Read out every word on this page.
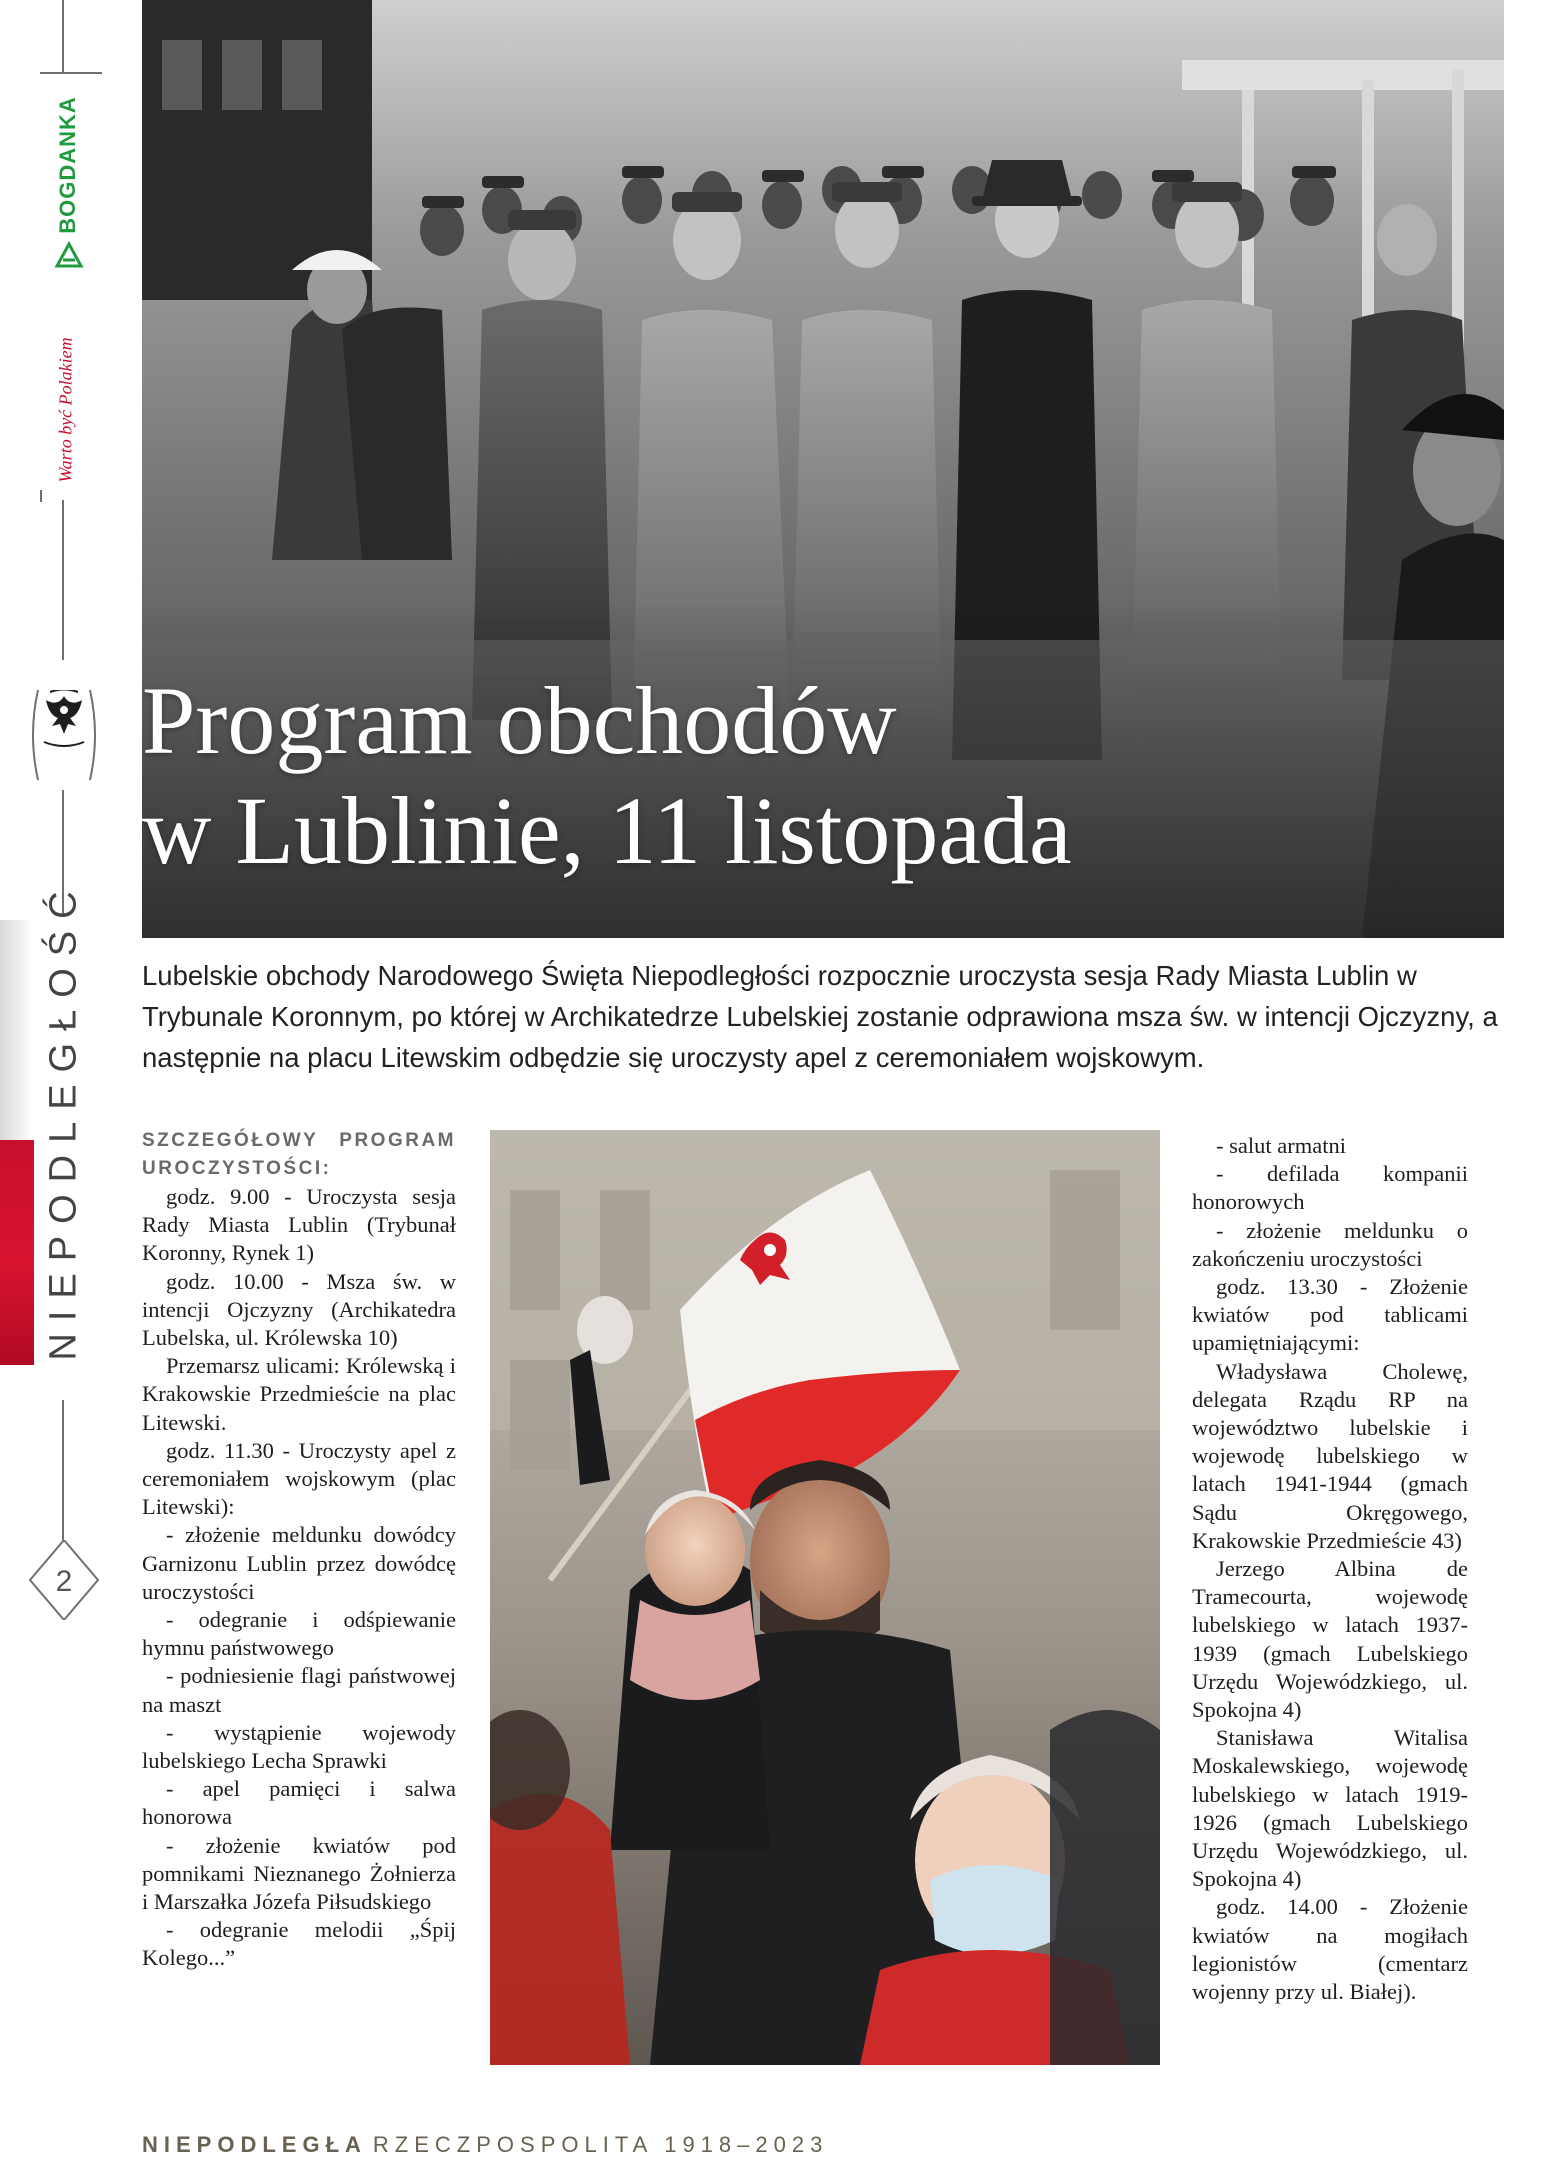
BOGDANKA
Warto być Polakiem
NIEPODLEGŁOŚĆ
2
Program obchodów
w Lublinie, 11 listopada

Lubelskie obchody Narodowego Święta Niepodległości rozpocznie uroczysta sesja Rady Miasta Lublin w Trybunale Koronnym, po której w Archikatedrze Lubelskiej zostanie odprawiona msza św. w intencji Ojczyzny, a następnie na placu Litewskim odbędzie się uroczysty apel z ceremoniałem wojskowym.

SZCZEGÓŁOWY PROGRAM UROCZYSTOŚCI:

godz. 9.00 - Uroczysta sesja Rady Miasta Lublin (Trybunał Koronny, Rynek 1)

godz. 10.00 - Msza św. w intencji Ojczyzny (Archikatedra Lubelska, ul. Królewska 10)

Przemarsz ulicami: Królewską i Krakowskie Przedmieście na plac Litewski.

godz. 11.30 - Uroczysty apel z ceremoniałem wojskowym (plac Litewski):

- złożenie meldunku dowódcy Garnizonu Lublin przez dowódcę uroczystości

- odegranie i odśpiewanie hymnu państwowego

- podniesienie flagi państwowej na maszt

- wystąpienie wojewody lubelskiego Lecha Sprawki

- apel pamięci i salwa honorowa

- złożenie kwiatów pod pomnikami Nieznanego Żołnierza i Marszałka Józefa Piłsudskiego

- odegranie melodii „Śpij Kolego...”

- salut armatni

- defilada kompanii honorowych

- złożenie meldunku o zakończeniu uroczystości

godz. 13.30 - Złożenie kwiatów pod tablicami upamiętniającymi:

Władysława Cholewę, delegata Rządu RP na województwo lubelskie i wojewodę lubelskiego w latach 1941-1944 (gmach Sądu Okręgowego, Krakowskie Przedmieście 43)

Jerzego Albina de Tramecourta, wojewodę lubelskiego w latach 1937-1939 (gmach Lubelskiego Urzędu Wojewódzkiego, ul. Spokojna 4)

Stanisława Witalisa Moskalewskiego, wojewodę lubelskiego w latach 1919-1926 (gmach Lubelskiego Urzędu Wojewódzkiego, ul. Spokojna 4)

godz. 14.00 - Złożenie kwiatów na mogiłach legionistów (cmentarz wojenny przy ul. Białej).

NIEPODLEGŁA RZECZPOSPOLITA 1918–2023
